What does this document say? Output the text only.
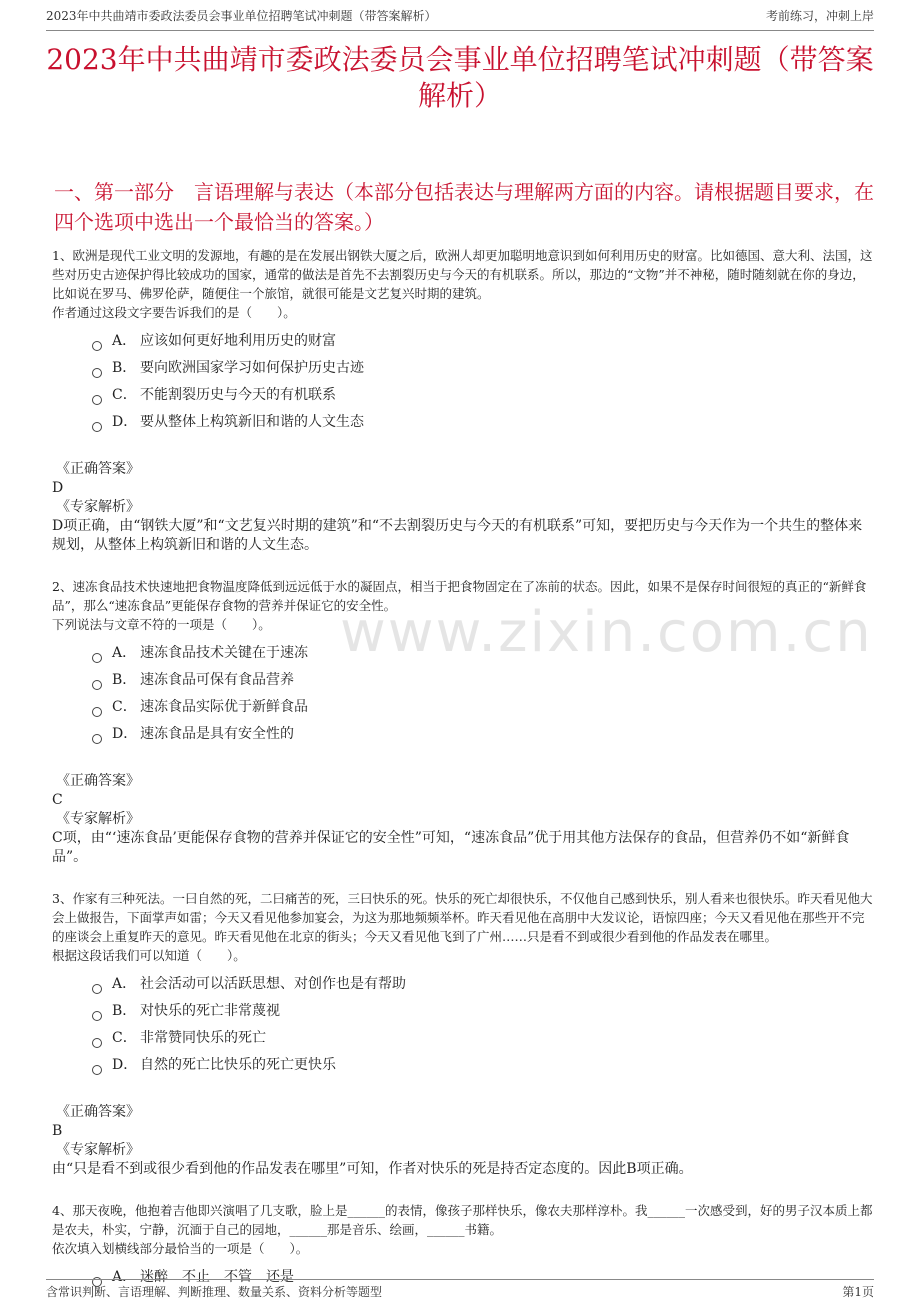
2023年中共曲靖市委政法委员会事业单位招聘笔试冲刺题（带答案解析）	考前练习，冲刺上岸
2023年中共曲靖市委政法委员会事业单位招聘笔试冲刺题（带答案解析）
一、第一部分　言语理解与表达（本部分包括表达与理解两方面的内容。请根据题目要求，在四个选项中选出一个最恰当的答案。）
www.zixin.com.cn

1、欧洲是现代工业文明的发源地，有趣的是在发展出钢铁大厦之后，欧洲人却更加聪明地意识到如何利用历史的财富。比如德国、意大利、法国，这些对历史古迹保护得比较成功的国家，通常的做法是首先不去割裂历史与今天的有机联系。所以，那边的“文物”并不神秘，随时随刻就在你的身边，比如说在罗马、佛罗伦萨，随便住一个旅馆，就很可能是文艺复兴时期的建筑。

作者通过这段文字要告诉我们的是（　　）。

A． 应该如何更好地利用历史的财富
B． 要向欧洲国家学习如何保护历史古迹
C． 不能割裂历史与今天的有机联系
D． 要从整体上构筑新旧和谐的人文生态
《正确答案》
D
《专家解析》
D项正确，由“钢铁大厦”和“文艺复兴时期的建筑”和“不去割裂历史与今天的有机联系”可知，要把历史与今天作为一个共生的整体来规划，从整体上构筑新旧和谐的人文生态。

2、速冻食品技术快速地把食物温度降低到远远低于水的凝固点，相当于把食物固定在了冻前的状态。因此，如果不是保存时间很短的真正的“新鲜食品”，那么“速冻食品”更能保存食物的营养并保证它的安全性。

下列说法与文章不符的一项是（　　）。

A． 速冻食品技术关键在于速冻
B． 速冻食品可保有食品营养
C． 速冻食品实际优于新鲜食品
D． 速冻食品是具有安全性的
《正确答案》
C
《专家解析》
C项，由“‘速冻食品’更能保存食物的营养并保证它的安全性”可知，“速冻食品”优于用其他方法保存的食品，但营养仍不如“新鲜食品”。

3、作家有三种死法。一曰自然的死，二曰痛苦的死，三曰快乐的死。快乐的死亡却很快乐，不仅他自己感到快乐，别人看来也很快乐。昨天看见他大会上做报告，下面掌声如雷；今天又看见他参加宴会，为这为那地频频举杯。昨天看见他在高朋中大发议论，语惊四座；今天又看见他在那些开不完的座谈会上重复昨天的意见。昨天看见他在北京的街头；今天又看见他飞到了广州……只是看不到或很少看到他的作品发表在哪里。

根据这段话我们可以知道（　　）。

A． 社会活动可以活跃思想、对创作也是有帮助
B． 对快乐的死亡非常蔑视
C． 非常赞同快乐的死亡
D． 自然的死亡比快乐的死亡更快乐
《正确答案》
B
《专家解析》
由“只是看不到或很少看到他的作品发表在哪里”可知，作者对快乐的死是持否定态度的。因此B项正确。

4、那天夜晚，他抱着吉他即兴演唱了几支歌，脸上是______的表情，像孩子那样快乐，像农夫那样淳朴。我______一次感受到，好的男子汉本质上都是农夫，朴实，宁静，沉湎于自己的园地，______那是音乐、绘画，______书籍。

依次填入划横线部分最恰当的一项是（　　）。

A． 迷醉　不止　不管　还是
含常识判断、言语理解、判断推理、数量关系、资料分析等题型	第1页
